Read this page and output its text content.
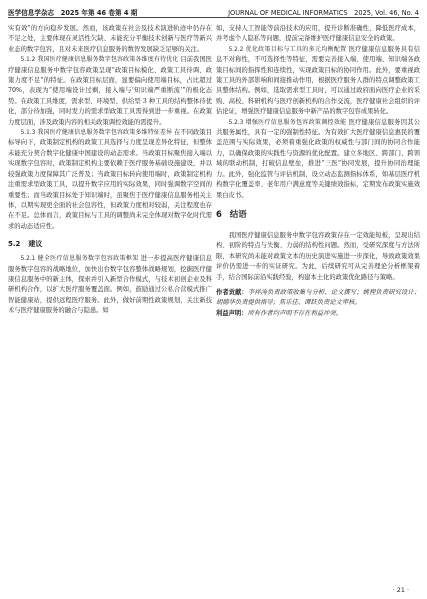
医学信息学杂志　2025 年第 46 卷第 4 期	JOURNAL OF MEDICAL INFORMATICS　2025, Vol. 46, No. 4

实有效”的方向稳步发展。然而，该政策在社会及技术演进轨迹中仍存在不足之处，主要体现在灵活性欠缺、未能充分平衡技术创新与医疗等新兴业态的数字包容，且对未来医疗信息服务的数智发展缺乏足够的关注。

5.1.2 我国医疗健康信息服务数字包容政策各维度有待优化 目前我国医疗健康信息服务中数字包容政策呈现“政策目标模化、政策工具待调、政策力度不足”的特征。在政策目标层面，显要偏向使用端目标，占比超过 70%，表现为“使用端设计过剩，接入端与‘知识端严重断流’”的极化态势。在政策工具维度，需求型、环境型、供给型 3 种工具的结构整体待优化，部分待加强，同时发力的需求型政策工具需得到进一步重视。在政策力度层面，涉及政策内容的相关政策调控效能的需提升。

5.1.3 我国医疗健康信息服务数字包容政策多维特征差异 在不同政策目标导向下，政策制定机构的政策工具选择与力度呈现差异化特征，但整体未能充分契合数字化健康中国建设的动态需求。当政策目标聚焦接入端以实现数字包容时，政策制定机构主要依赖于医疗服务基础设施建设，并以较强政策力度保障其广泛普及；当政策目标转向使用端时，政策制定机构注重需求型政策工具，以提升数字应用的实际效果，同时强调数字空间的重要性；而当政策目标处于知识端时，虽聚焦于医疗健康信息服务相关主体，以期实现更全面的社会包容性，但政策力度相对较弱，关注程度也存在不足。总体而言，政策目标与工具的调整尚未完全体现对数字化时代需求的动态适应性。

5.2 建议

5.2.1 健全医疗信息服务数字包容政策框架 进一步提高医疗健康信息服务数字包容的战略地位，加快出台数字包容整体战略规划，挖掘医疗健康信息服务中的新主体，探索并引入新型合作模式，与技术初创企业及科研机构合作，以扩大医疗服务覆盖面。例如，鼓励通过公私合营模式推广智能健康站，提供远程医疗服务。此外，做好前期性政策规划，关注新技术与医疗健康服务的融合与隐患。如

如，支持人工智能等前沿技术的应用，提升诊断准确性、降低医疗成本，并考虑个人隐私等问题，提前完备维护医疗健康信息安全的政策。

5.2.2 优化政策目标与工具的多元均衡配置 医疗健康信息服务具有信息不对称性，不可选择性等特征，需要完善接入端、使用端、知识端各政策目标间的指挥性和连续性，实现政策目标的协同作用。此外，要重视政策工具的外部影响和间接推动作用，根据医疗服务人群的特点调整政策工具整体结构。例如，选取需求型工具时，可以通过政府面向医疗企业的采购、高校、科研机构与医疗创新机构的合作交流，医疗健康社会组织的评估论证，增强医疗健康信息服务中新产品的数字包容成果转化。

5.2.3 增强医疗信息服务包容政策调控效能 医疗健康信息服务因其公共服务属性，具有一定的强制性特征。为有效扩大医疗健康信息惠民的覆盖范围与实际效果，必须着重强化政策的权威性与部门间的协同合作能力，以确保政策的实践性与资源的优化配置。建立多地区、跨部门、跨领域的联动机制，打破信息壁垒，推进“三医”协同发展，提升协同治理能力。此外，强化监管与评估机制，设立动态监测指标体系，如基层医疗机构数字化覆盖率、老年用户满意度等关键绩效指标，定期发布政策实施效果白皮书。

6 结语

我国医疗健康信息服务中数字包容政策存在一定效能短板，呈现出结构、初阶的特点与失衡、力弱的结构性问题。然而，受研究深度与方法所限，本研究尚未能对政策文本的历史演进实施进一步深化，导致政策效果评价仍需进一步的实证研究。为此，后续研究可从完善理论分析框架着手，结合国际前沿实践经验，构建本土化的政策优化路径与策略。

作者贡献：李祥涛负责政策收集与分析、论文撰写；姚程负责研究设计；胡德华负责提供指导；焦乐佳、谭跃负责论文审核。

利益声明：所有作者均声明不存在利益冲突。

· 21 ·
